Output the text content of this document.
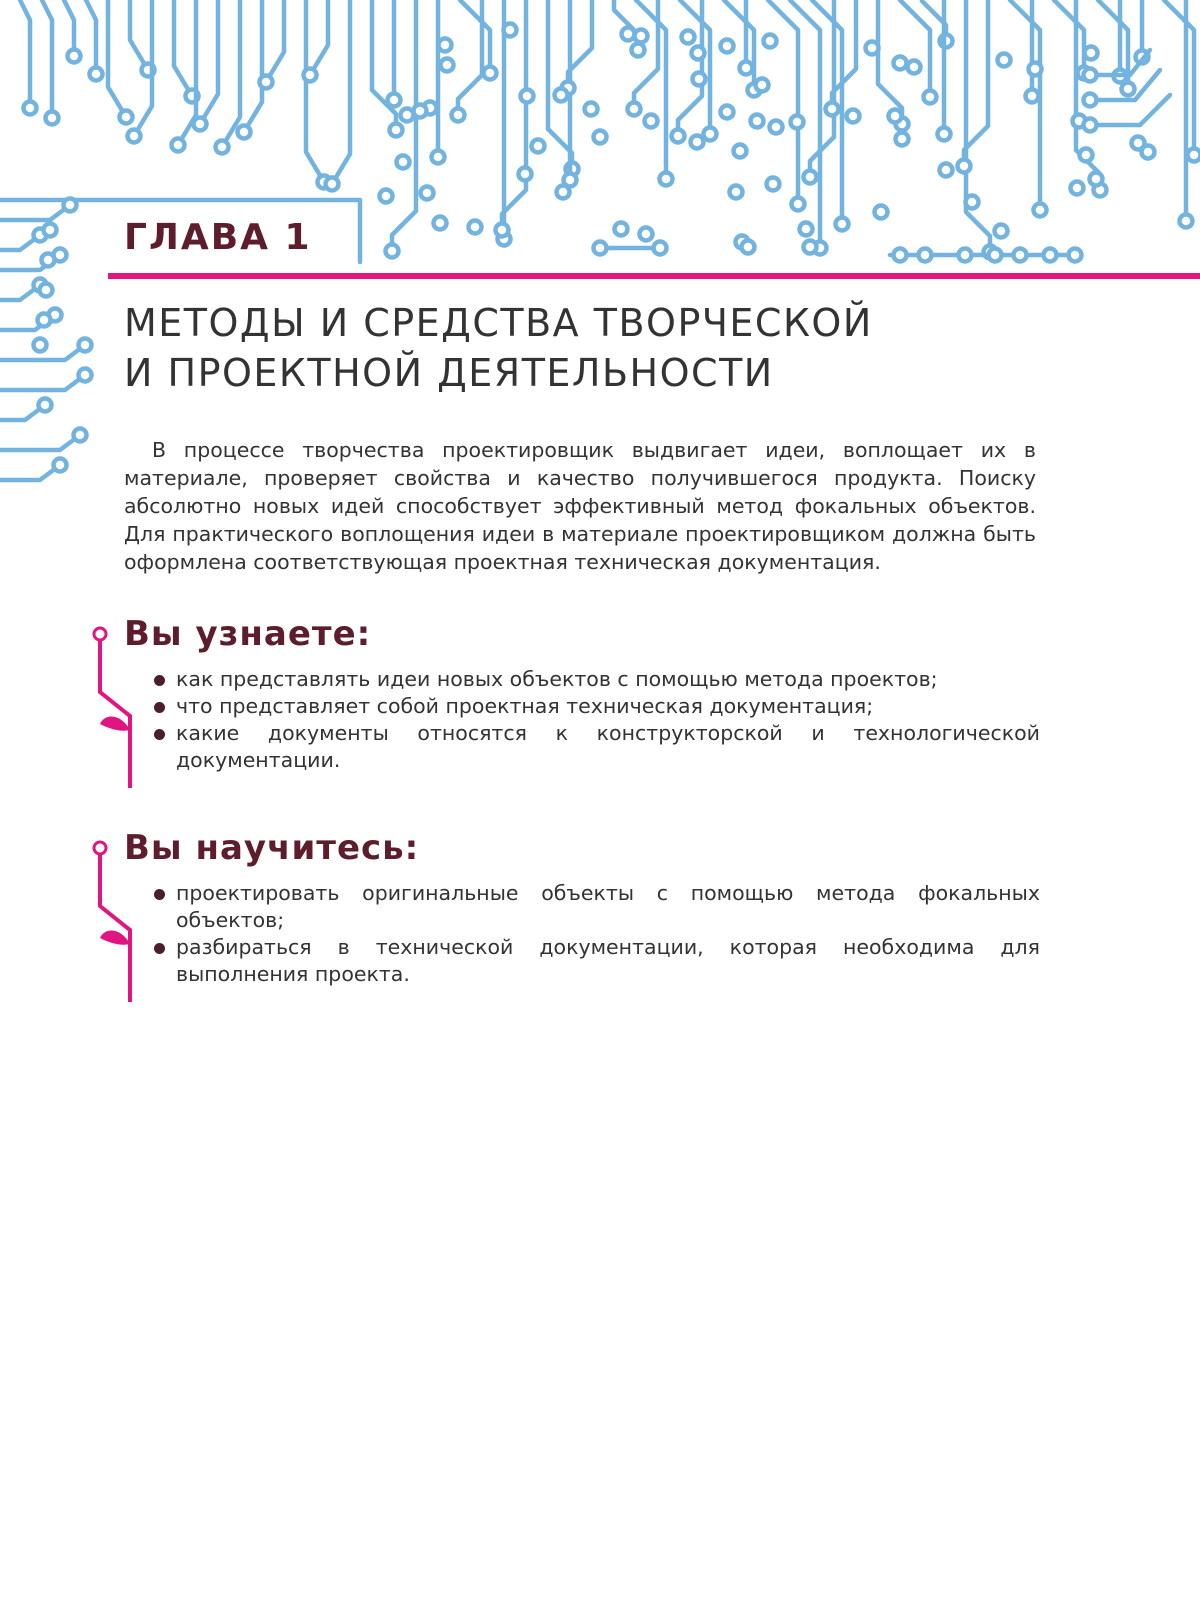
ГЛАВА 1
МЕТОДЫ И СРЕДСТВА ТВОРЧЕСКОЙ
И ПРОЕКТНОЙ ДЕЯТЕЛЬНОСТИ

В процессе творчества проектировщик выдвигает идеи, воплощает их в материале, проверяет свойства и качество получившегося продукта. Поиску абсолютно новых идей способствует эффективный метод фокальных объектов. Для практического воплощения идеи в материале проектировщиком должна быть оформлена соответствующая проектная техническая документация.

Вы узнаете:
как представлять идеи новых объектов с помощью метода проектов;
что представляет собой проектная техническая документация;
какие документы относятся к конструкторской и технологической документации.
Вы научитесь:
проектировать оригинальные объекты с помощью метода фокальных объектов;
разбираться в технической документации, которая необходима для выполнения проекта.
